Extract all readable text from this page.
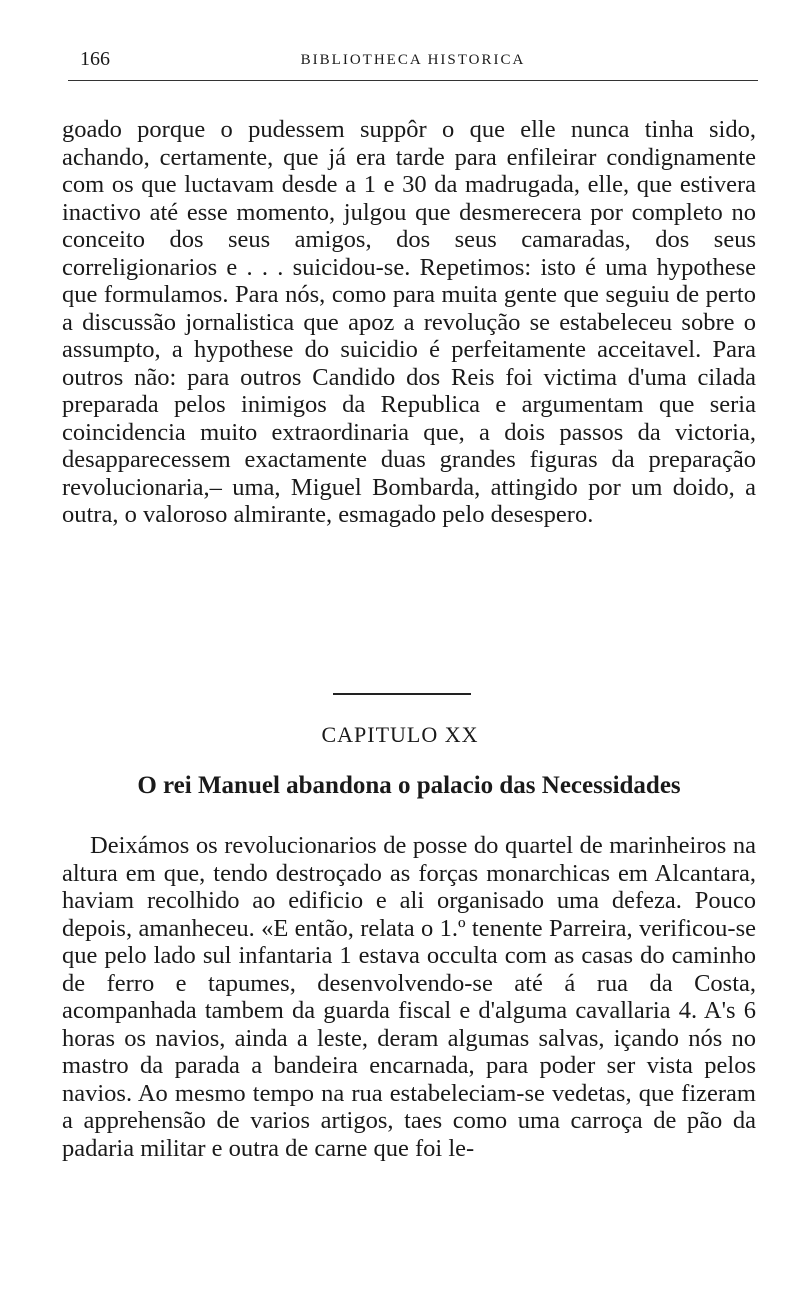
166	BIBLIOTHECA HISTORICA

goado porque o pudessem suppôr o que elle nunca tinha sido, achando, certamente, que já era tarde para enfileirar condignamente com os que luctavam desde a 1 e 30 da madrugada, elle, que estivera inactivo até esse momento, julgou que desmerecera por completo no conceito dos seus amigos, dos seus camaradas, dos seus correligionarios e . . . suicidou-se. Repetimos: isto é uma hypothese que formulamos. Para nós, como para muita gente que seguiu de perto a discussão jornalistica que apoz a revolução se estabeleceu sobre o assumpto, a hypothese do suicidio é perfeitamente acceitavel. Para outros não: para outros Candido dos Reis foi victima d'uma cilada preparada pelos inimigos da Republica e argumentam que seria coincidencia muito extraordinaria que, a dois passos da victoria, desapparecessem exactamente duas grandes figuras da preparação revolucionaria,– uma, Miguel Bombarda, attingido por um doido, a outra, o valoroso almirante, esmagado pelo desespero.

CAPITULO XX
O rei Manuel abandona o palacio das Necessidades

Deixámos os revolucionarios de posse do quartel de marinheiros na altura em que, tendo destroçado as forças monarchicas em Alcantara, haviam recolhido ao edificio e ali organisado uma defeza. Pouco depois, amanheceu. «E então, relata o 1.º tenente Parreira, verificou-se que pelo lado sul infantaria 1 estava occulta com as casas do caminho de ferro e tapumes, desenvolvendo-se até á rua da Costa, acompanhada tambem da guarda fiscal e d'alguma cavallaria 4. A's 6 horas os navios, ainda a leste, deram algumas salvas, içando nós no mastro da parada a bandeira encarnada, para poder ser vista pelos navios. Ao mesmo tempo na rua estabeleciam-se vedetas, que fizeram a apprehensão de varios artigos, taes como uma carroça de pão da padaria militar e outra de carne que foi le-
